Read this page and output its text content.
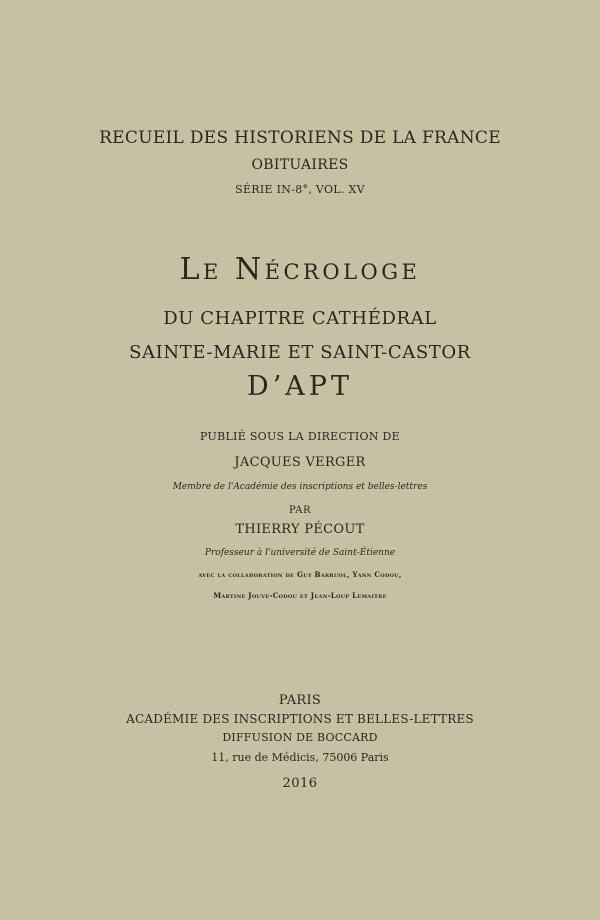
RECUEIL DES HISTORIENS DE LA FRANCE
OBITUAIRES
SÉRIE IN-8°, VOL. XV
Le Nécrologe
DU CHAPITRE CATHÉDRAL
SAINTE-MARIE ET SAINT-CASTOR
D’APT
PUBLIÉ SOUS LA DIRECTION DE
JACQUES VERGER
Membre de l'Académie des inscriptions et belles-lettres
PAR
THIERRY PÉCOUT
Professeur à l'université de Saint-Étienne
avec la collaboration de Guy Barruol, Yann Codou,
Martine Jouve-Codou et Jean-Loup Lemaitre
PARIS
ACADÉMIE DES INSCRIPTIONS ET BELLES-LETTRES
DIFFUSION DE BOCCARD
11, rue de Médicis, 75006 Paris
2016
